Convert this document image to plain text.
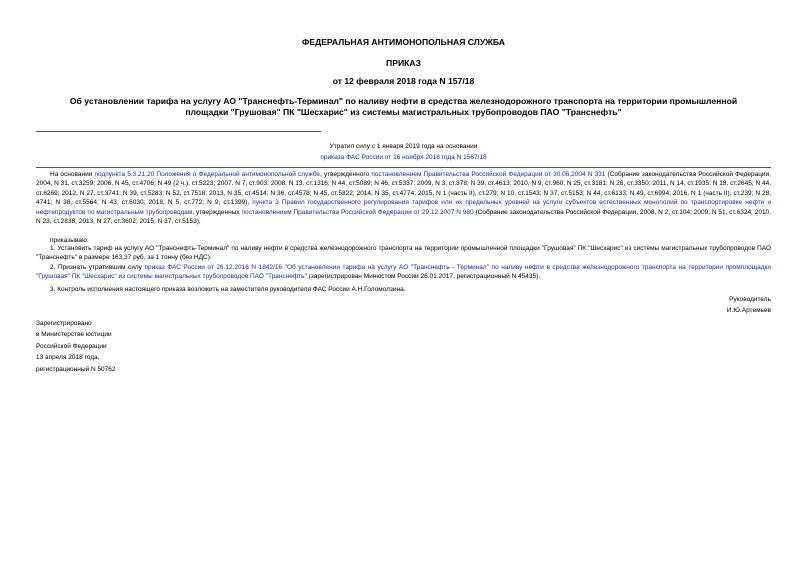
ФЕДЕРАЛЬНАЯ АНТИМОНОПОЛЬНАЯ СЛУЖБА
ПРИКАЗ
от 12 февраля 2018 года N 157/18
Об установлении тарифа на услугу АО "Транснефть-Терминал" по наливу нефти в средства железнодорожного транспорта на территории промышленной
площадки "Грушовая" ПК "Шесхарис" из системы магистральных трубопроводов ПАО "Транснефть"
Утратил силу с 1 января 2019 года на основании
приказа ФАС России от 16 ноября 2018 года N 1567/18
На основании подпункта 5.3.21.20 Положения о Федеральной антимонопольной службе, утвержденного постановлением Правительства Российской Федерации от 30.06.2004 N 331 (Собрание законодательства Российской Федерации, 2004, N 31, ст.3259; 2006, N 45, ст.4706; N 49 (2 ч.), ст.5223; 2007, N 7, ст.903; 2008, N 13, ст.1316; N 44, ст.5089; N 46, ст.5337; 2009, N 3, ст.378; N 39, ст.4613; 2010, N 9, ст.960; N 25, ст.3181; N 26, ст.3350; 2011, N 14, ст.1935; N 18, ст.2645; N 44, ст.6269; 2012, N 27, ст.3741; N 39, ст.5283; N 52, ст.7518; 2013, N 35, ст.4514; N 36, ст.4578; N 45, ст.5822; 2014, N 35, ст.4774; 2015, N 1 (часть II), ст.279; N 10, ст.1543; N 37, ст.5153; N 44, ст.6133; N 49, ст.6994; 2016, N 1 (часть II), ст.239; N 28, 4741; N 38, ст.5564; N 43, ст.6030; 2018, N 5, ст.772; N 9, ст.1399), пункта 3 Правил государственного регулирования тарифов или их предельных уровней на услуги субъектов естественных монополий по транспортировке нефти и нефтепродуктов по магистральным трубопроводам, утвержденных постановлением Правительства Российской Федерации от 29.12.2007 N 980 (Собрание законодательства Российской Федерации, 2008, N 2, ст.104; 2009, N 51, ст.6324; 2010, N 23, ст.2838; 2013, N 27, ст.3602; 2015, N 37, ст.5153),
приказываю:
1. Установить тариф на услугу АО "Транснефть-Терминал" по наливу нефти в средства железнодорожного транспорта на территории промышленной площадки "Грушовая" ПК "Шесхарис" из системы магистральных трубопроводов ПАО "Транснефть" в размере 163,37 руб. за 1 тонну (без НДС).
2. Признать утратившим силу приказ ФАС России от 26.12.2016 N 1842/16 "Об установлении тарифа на услугу АО "Транснефть - Терминал" по наливу нефти в средства железнодорожного транспорта на территории промплощадки "Грушовая" ПК "Шесхарис" из системы магистральных трубопроводов ПАО "Транснефть" (зарегистрирован Минюстом России 26.01.2017, регистрационный N 45435).
3. Контроль исполнения настоящего приказа возложить на заместителя руководителя ФАС России А.Н.Голомолзина.
Руководитель
И.Ю.Артемьев
Зарегистрировано
в Министерстве юстиции
Российской Федерации
13 апреля 2018 года,
регистрационный N 50762
